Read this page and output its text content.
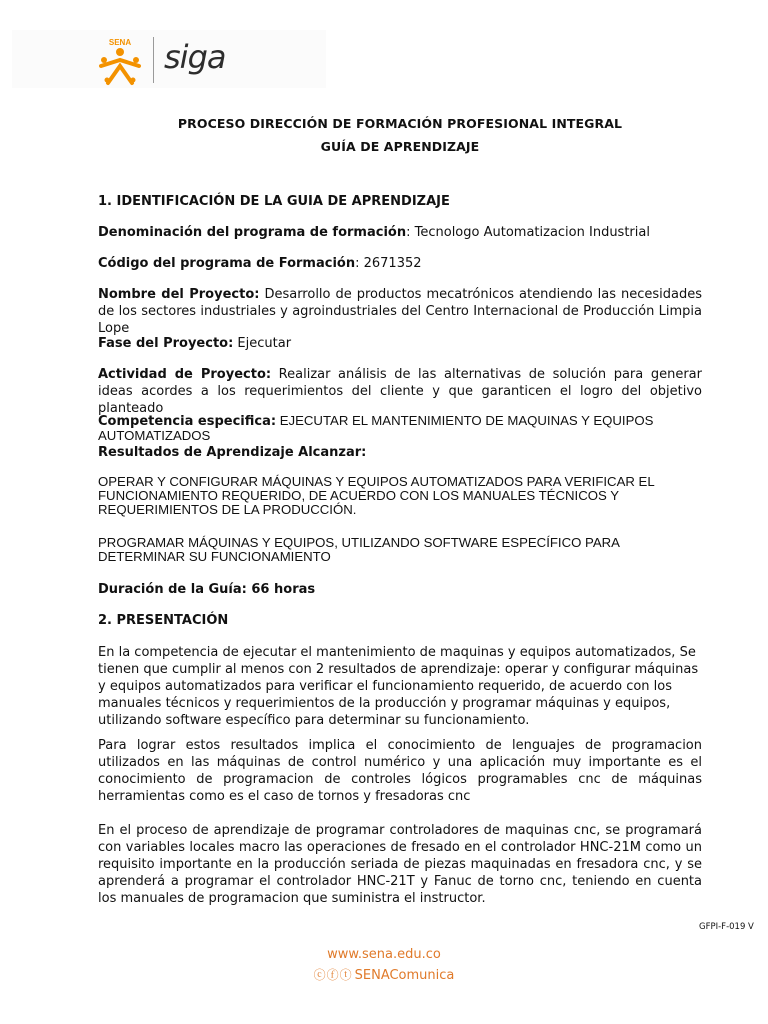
SENA siga
PROCESO DIRECCIÓN DE FORMACIÓN PROFESIONAL INTEGRAL
GUÍA DE APRENDIZAJE
1. IDENTIFICACIÓN DE LA GUIA DE APRENDIZAJE
Denominación del programa de formación: Tecnologo Automatizacion Industrial
Código del programa de Formación: 2671352
Nombre del Proyecto: Desarrollo de productos mecatrónicos atendiendo las necesidades de los sectores industriales y agroindustriales del Centro Internacional de Producción Limpia Lope
Fase del Proyecto: Ejecutar
Actividad de Proyecto: Realizar análisis de las alternativas de solución para generar ideas acordes a los requerimientos del cliente y que garanticen el logro del objetivo planteado
Competencia especifica: EJECUTAR EL MANTENIMIENTO DE MAQUINAS Y EQUIPOS AUTOMATIZADOS
Resultados de Aprendizaje Alcanzar:
OPERAR Y CONFIGURAR MÁQUINAS Y EQUIPOS AUTOMATIZADOS PARA VERIFICAR EL FUNCIONAMIENTO REQUERIDO, DE ACUERDO CON LOS MANUALES TÉCNICOS Y REQUERIMIENTOS DE LA PRODUCCIÓN.
PROGRAMAR MÁQUINAS Y EQUIPOS, UTILIZANDO SOFTWARE ESPECÍFICO PARA DETERMINAR SU FUNCIONAMIENTO
Duración de la Guía: 66 horas
2. PRESENTACIÓN
En la competencia de ejecutar el mantenimiento de maquinas y equipos automatizados, Se tienen que cumplir al menos con 2 resultados de aprendizaje: operar y configurar máquinas y equipos automatizados para verificar el funcionamiento requerido, de acuerdo con los manuales técnicos y requerimientos de la producción y programar máquinas y equipos, utilizando software específico para determinar su funcionamiento.
Para lograr estos resultados implica el conocimiento de lenguajes de programacion utilizados en las máquinas de control numérico y una aplicación muy importante es el conocimiento de programacion de controles lógicos programables cnc de máquinas herramientas como es el caso de tornos y fresadoras cnc
En el proceso de aprendizaje de programar controladores de maquinas cnc, se programará con variables locales macro las operaciones de fresado en el controlador HNC-21M como un requisito importante en la producción seriada de piezas maquinadas en fresadora cnc, y se aprenderá a programar el controlador HNC-21T y Fanuc de torno cnc, teniendo en cuenta los manuales de programacion que suministra el instructor.
GFPI-F-019 V
www.sena.edu.co
ⓒⓕⓣ SENAComunica
